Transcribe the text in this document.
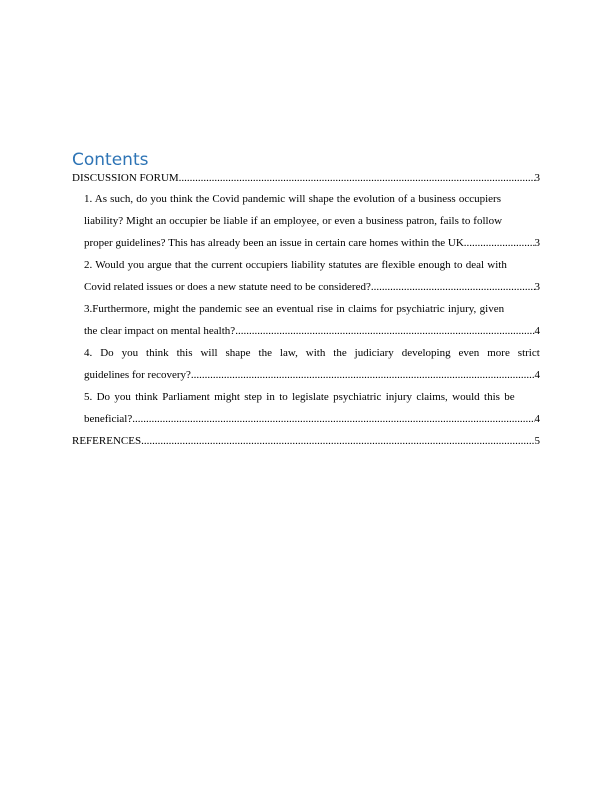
Contents
DISCUSSION FORUM .....	3
1. As such, do you think the Covid pandemic will shape the evolution of a business occupiers
liability? Might an occupier be liable if an employee, or even a business patron, fails to follow
proper guidelines? This has already been an issue in certain care homes within the UK .....	3
2. Would you argue that the current occupiers liability statutes are flexible enough to deal with
Covid related issues or does a new statute need to be considered? .....	3
3.Furthermore, might the pandemic see an eventual rise in claims for psychiatric injury, given
the clear impact on mental health? .....	4
4. Do you think this will shape the law, with the judiciary developing even more strict
guidelines for recovery? .....	4
5. Do you think Parliament might step in to legislate psychiatric injury claims, would this be
beneficial? .....	4
REFERENCES .....	5
